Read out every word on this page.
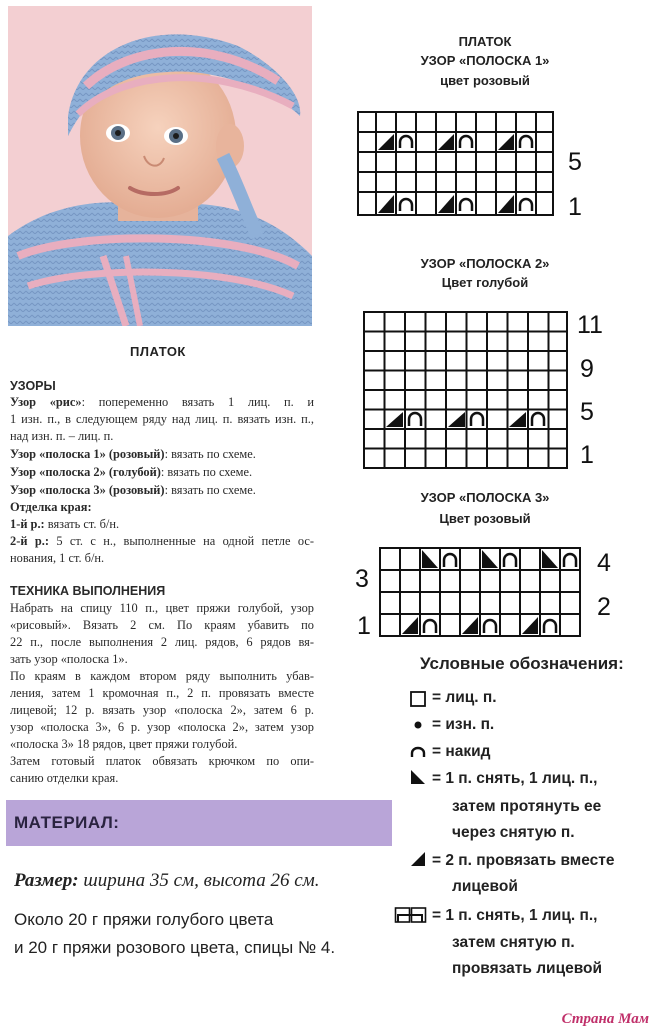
ПЛАТОК
УЗОРЫ
Узор «рис»: попеременно вязать 1 лиц. п. и
1 изн. п., в следующем ряду над лиц. п. вязать изн. п.,
над изн. п. – лиц. п.
Узор «полоска 1» (розовый): вязать по схеме.
Узор «полоска 2» (голубой): вязать по схеме.
Узор «полоска 3» (розовый): вязать по схеме.
Отделка края:
1-й р.: вязать ст. б/н.
2-й р.: 5 ст. с н., выполненные на одной петле ос-
нования, 1 ст. б/н.
ТЕХНИКА ВЫПОЛНЕНИЯ
Набрать на спицу 110 п., цвет пряжи голубой, узор
«рисовый». Вязать 2 см. По краям убавить по
22 п., после выполнения 2 лиц. рядов, 6 рядов вя-
зать узор «полоска 1».
По краям в каждом втором ряду выполнить убав-
ления, затем 1 кромочная п., 2 п. провязать вместе
лицевой; 12 р. вязать узор «полоска 2», затем 6 р.
узор «полоска 3», 6 р. узор «полоска 2», затем узор
«полоска 3» 18 рядов, цвет пряжи голубой.
Затем готовый платок обвязать крючком по опи-
санию отделки края.
МАТЕРИАЛ:
Размер: ширина 35 см, высота 26 см.
Около 20 г пряжи голубого цвета
и 20 г пряжи розового цвета, спицы № 4.
ПЛАТОК
УЗОР «ПОЛОСКА 1»
цвет розовый
5
1
УЗОР «ПОЛОСКА 2»
Цвет голубой
11
9
5
1
УЗОР «ПОЛОСКА 3»
Цвет розовый
3
1
4
2
Условные обозначения:
= лиц. п.
= изн. п.
= накид
= 1 п. снять, 1 лиц. п.,
затем протянуть ее
через снятую п.
= 2 п. провязать вместе
лицевой
= 1 п. снять, 1 лиц. п.,
затем снятую п.
провязать лицевой
Страна Мам
